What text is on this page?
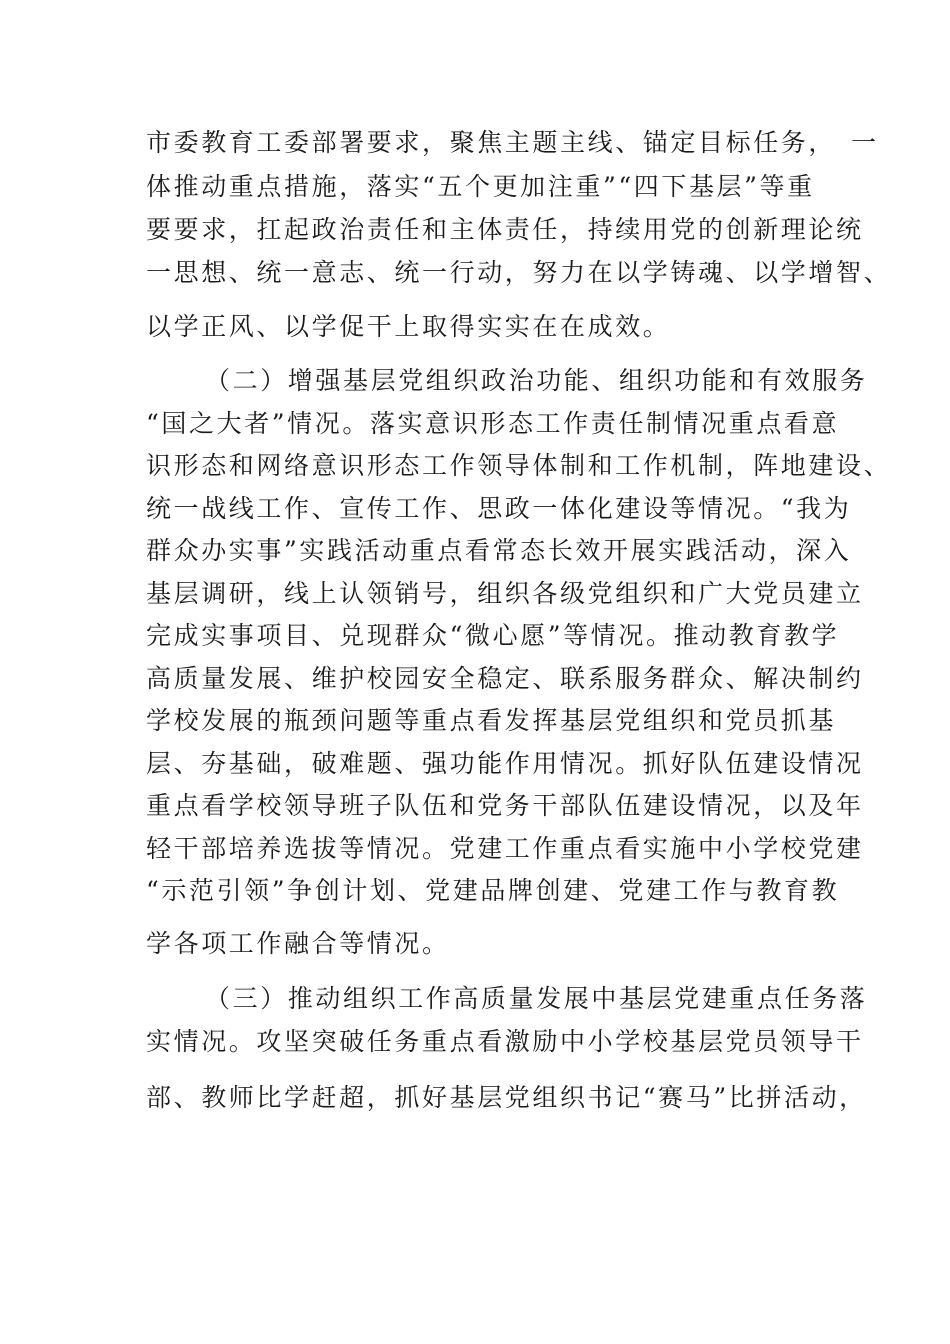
市委教育工委部署要求，聚焦主题主线、锚定目标任务，　一
体推动重点措施，落实“五个更加注重”“四下基层”等重
要要求，扛起政治责任和主体责任，持续用党的创新理论统
一思想、统一意志、统一行动，努力在以学铸魂、以学增智、
以学正风、以学促干上取得实实在在成效。
（二）增强基层党组织政治功能、组织功能和有效服务
“国之大者”情况。落实意识形态工作责任制情况重点看意
识形态和网络意识形态工作领导体制和工作机制，阵地建设、
统一战线工作、宣传工作、思政一体化建设等情况。“我为
群众办实事”实践活动重点看常态长效开展实践活动，深入
基层调研，线上认领销号，组织各级党组织和广大党员建立
完成实事项目、兑现群众“微心愿”等情况。推动教育教学
高质量发展、维护校园安全稳定、联系服务群众、解决制约
学校发展的瓶颈问题等重点看发挥基层党组织和党员抓基
层、夯基础，破难题、强功能作用情况。抓好队伍建设情况
重点看学校领导班子队伍和党务干部队伍建设情况，以及年
轻干部培养选拔等情况。党建工作重点看实施中小学校党建
“示范引领”争创计划、党建品牌创建、党建工作与教育教
学各项工作融合等情况。
（三）推动组织工作高质量发展中基层党建重点任务落
实情况。攻坚突破任务重点看激励中小学校基层党员领导干
部、教师比学赶超，抓好基层党组织书记“赛马”比拼活动，
